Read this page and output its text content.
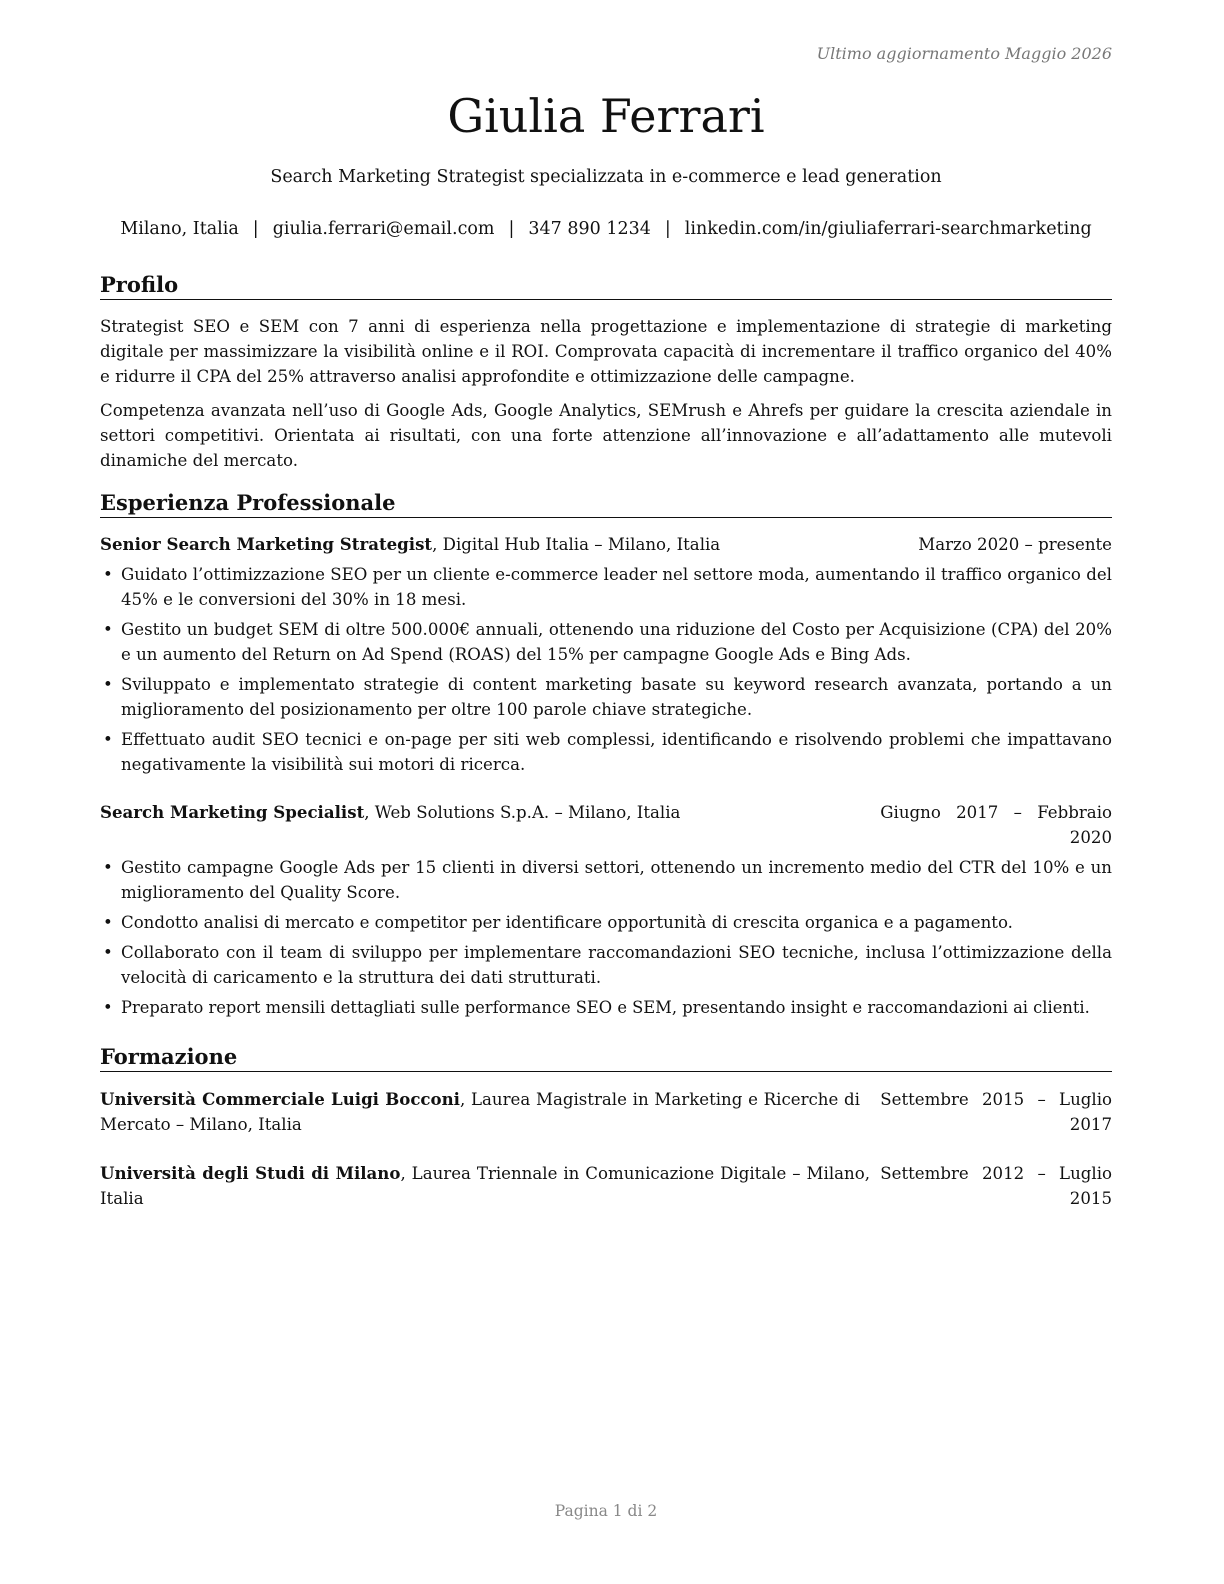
Ultimo aggiornamento Maggio 2026
Giulia Ferrari
Search Marketing Strategist specializzata in e-commerce e lead generation
Milano, Italia | giulia.ferrari@email.com | 347 890 1234 | linkedin.com/in/giuliaferrari-searchmarketing
Profilo
Strategist SEO e SEM con 7 anni di esperienza nella progettazione e implementazione di strategie di marketing digitale per massimizzare la visibilità online e il ROI. Comprovata capacità di incrementare il traffico organico del 40% e ridurre il CPA del 25% attraverso analisi approfondite e ottimizzazione delle campagne.
Competenza avanzata nell’uso di Google Ads, Google Analytics, SEMrush e Ahrefs per guidare la crescita aziendale in settori competitivi. Orientata ai risultati, con una forte attenzione all’innovazione e all’adattamento alle mutevoli dinamiche del mercato.
Esperienza Professionale
Senior Search Marketing Strategist, Digital Hub Italia – Milano, Italia	Marzo 2020 – presente
• Guidato l’ottimizzazione SEO per un cliente e-commerce leader nel settore moda, aumentando il traffico organico del 45% e le conversioni del 30% in 18 mesi.
• Gestito un budget SEM di oltre 500.000€ annuali, ottenendo una riduzione del Costo per Acquisizione (CPA) del 20% e un aumento del Return on Ad Spend (ROAS) del 15% per campagne Google Ads e Bing Ads.
• Sviluppato e implementato strategie di content marketing basate su keyword research avanzata, portando a un miglioramento del posizionamento per oltre 100 parole chiave strategiche.
• Effettuato audit SEO tecnici e on-page per siti web complessi, identificando e risolvendo problemi che impattavano negativamente la visibilità sui motori di ricerca.
Search Marketing Specialist, Web Solutions S.p.A. – Milano, Italia	Giugno 2017 – Febbraio
2020
• Gestito campagne Google Ads per 15 clienti in diversi settori, ottenendo un incremento medio del CTR del 10% e un miglioramento del Quality Score.
• Condotto analisi di mercato e competitor per identificare opportunità di crescita organica e a pagamento.
• Collaborato con il team di sviluppo per implementare raccomandazioni SEO tecniche, inclusa l’ottimizzazione della velocità di caricamento e la struttura dei dati strutturati.
• Preparato report mensili dettagliati sulle performance SEO e SEM, presentando insight e raccomandazioni ai clienti.
Formazione
Università Commerciale Luigi Bocconi, Laurea Magistrale in Marketing e Ricerche di Mercato – Milano, Italia
Settembre 2015 – Luglio
2017
Università degli Studi di Milano, Laurea Triennale in Comunicazione Digitale – Milano, Italia
Settembre 2012 – Luglio
2015
Pagina 1 di 2
